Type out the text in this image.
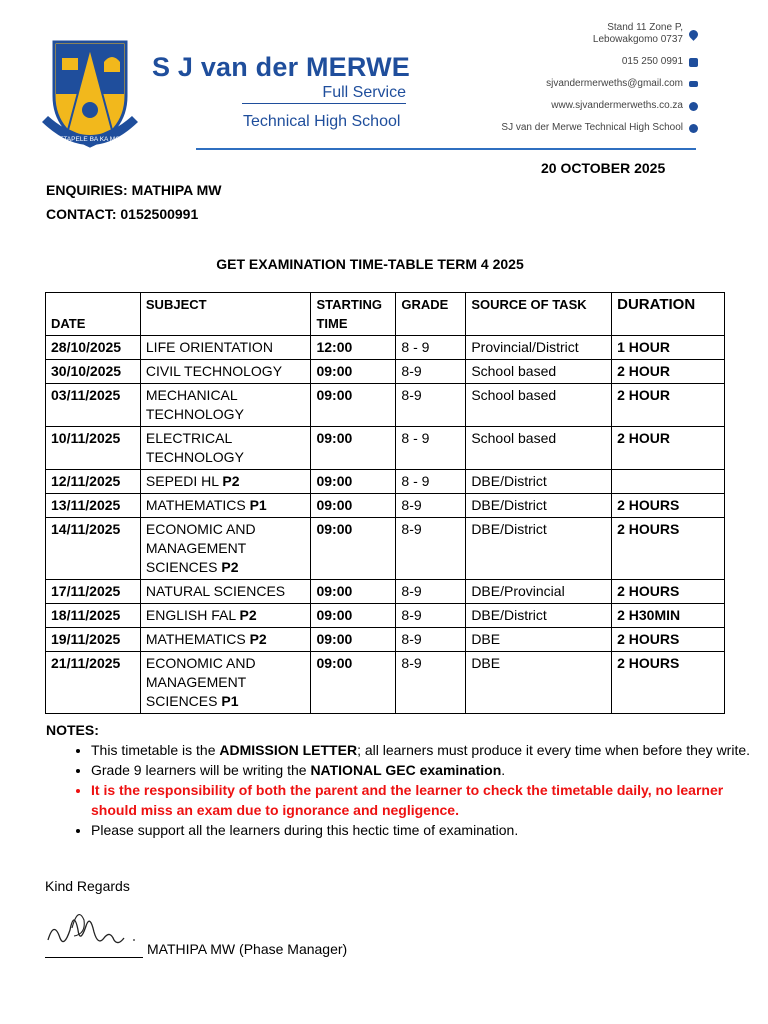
BAETAPELE BA KA MOSO
S J van der MERWE
Full Service
Technical High School
Stand 11 Zone P,
Lebowakgomo 0737
015 250 0991
sjvandermerweths@gmail.com
www.sjvandermerweths.co.za
SJ van der Merwe Technical High School
20 OCTOBER 2025
ENQUIRIES: MATHIPA MW
CONTACT: 0152500991
GET EXAMINATION TIME-TABLE TERM 4 2025
DATE	SUBJECT	STARTING TIME	GRADE	SOURCE OF TASK	DURATION
28/10/2025	LIFE ORIENTATION	12:00	8 - 9	Provincial/District	1 HOUR
30/10/2025	CIVIL TECHNOLOGY	09:00	8-9	School based	2 HOUR
03/11/2025	MECHANICAL TECHNOLOGY	09:00	8-9	School based	2 HOUR
10/11/2025	ELECTRICAL TECHNOLOGY	09:00	8 - 9	School based	2 HOUR
12/11/2025	SEPEDI HL P2	09:00	8 - 9	DBE/District	
13/11/2025	MATHEMATICS P1	09:00	8-9	DBE/District	2 HOURS
14/11/2025	ECONOMIC AND MANAGEMENT SCIENCES P2	09:00	8-9	DBE/District	2 HOURS
17/11/2025	NATURAL SCIENCES	09:00	8-9	DBE/Provincial	2 HOURS
18/11/2025	ENGLISH FAL P2	09:00	8-9	DBE/District	2 H30MIN
19/11/2025	MATHEMATICS P2	09:00	8-9	DBE	2 HOURS
21/11/2025	ECONOMIC AND MANAGEMENT SCIENCES P1	09:00	8-9	DBE	2 HOURS
NOTES:
• This timetable is the ADMISSION LETTER; all learners must produce it every time when before they write.
• Grade 9 learners will be writing the NATIONAL GEC examination.
• It is the responsibility of both the parent and the learner to check the timetable daily, no learner should miss an exam due to ignorance and negligence.
• Please support all the learners during this hectic time of examination.
Kind Regards
MATHIPA MW (Phase Manager)
